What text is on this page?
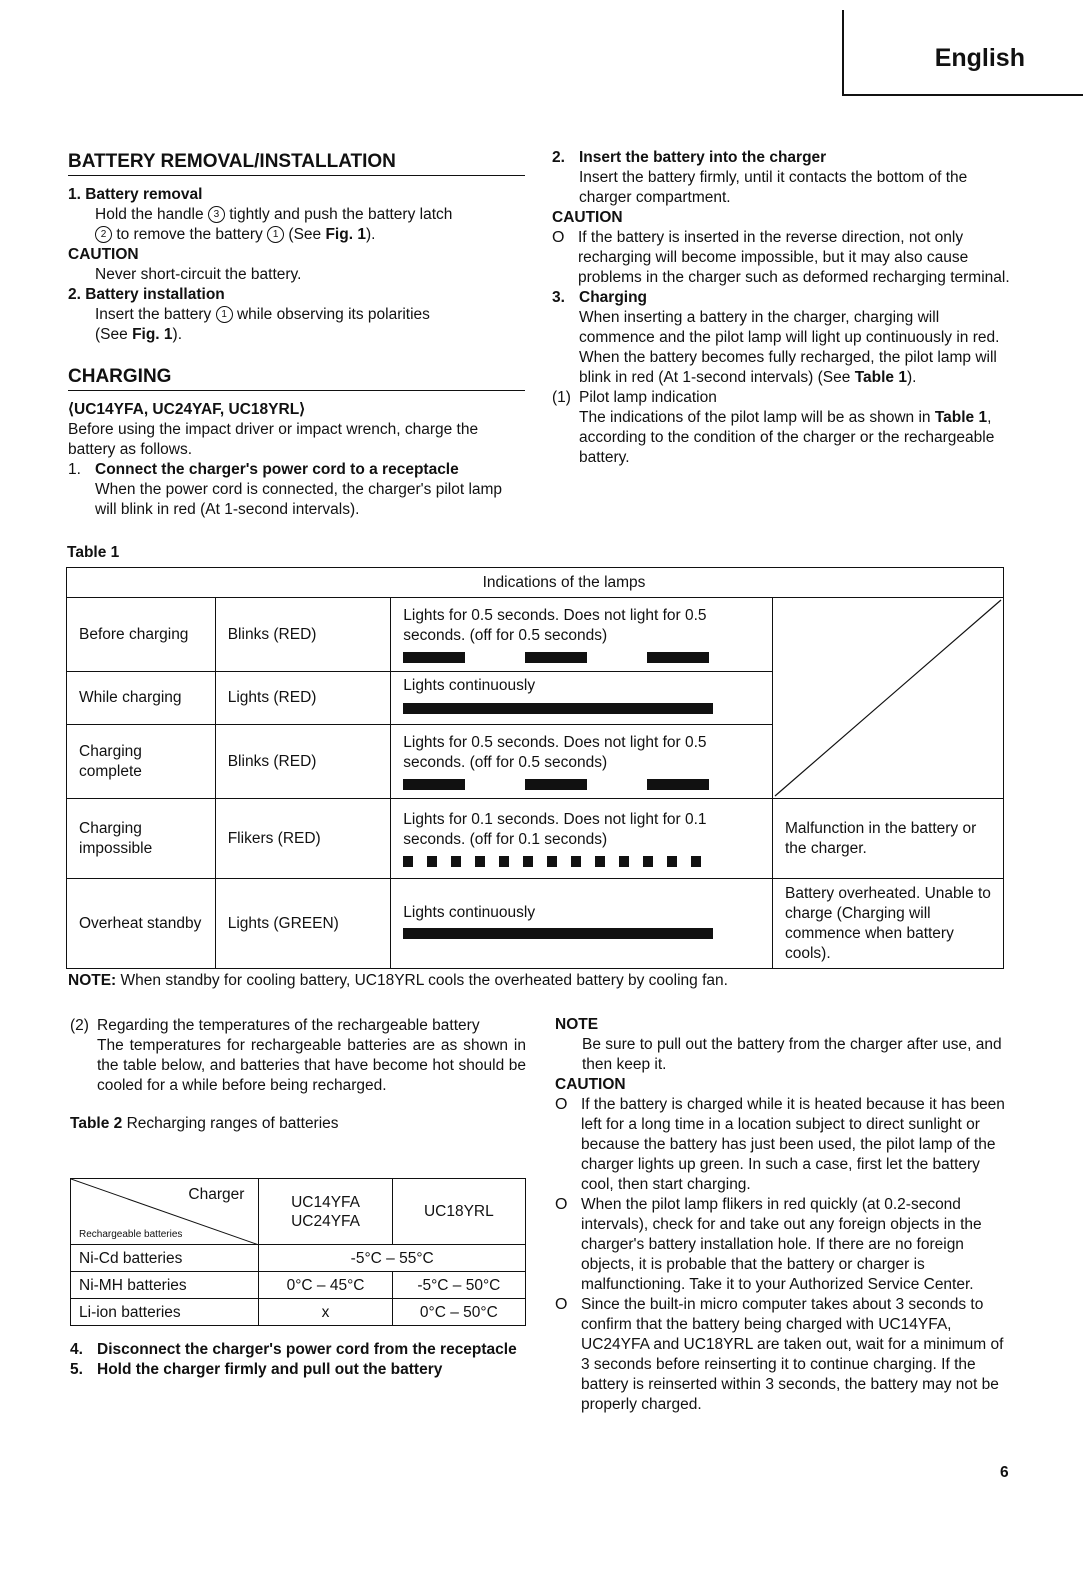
English
BATTERY REMOVAL/INSTALLATION
1. Battery removal
Hold the handle 3 tightly and push the battery latch
2 to remove the battery 1 (See Fig. 1).
CAUTION
Never short-circuit the battery.
2. Battery installation
Insert the battery 1 while observing its polarities
(See Fig. 1).
CHARGING
⟨UC14YFA, UC24YAF, UC18YRL⟩
Before using the impact driver or impact wrench, charge the battery as follows.
1. Connect the charger's power cord to a receptacle
When the power cord is connected, the charger's pilot lamp will blink in red (At 1-second intervals).
2. Insert the battery into the charger
Insert the battery firmly, until it contacts the bottom of the charger compartment.
CAUTION
O If the battery is inserted in the reverse direction, not only recharging will become impossible, but it may also cause problems in the charger such as deformed recharging terminal.
3. Charging
When inserting a battery in the charger, charging will commence and the pilot lamp will light up continuously in red.
When the battery becomes fully recharged, the pilot lamp will blink in red (At 1-second intervals) (See Table 1).
(1) Pilot lamp indication
The indications of the pilot lamp will be as shown in Table 1, according to the condition of the charger or the rechargeable battery.
Table 1
Indications of the lamps			
Before charging	Blinks (RED)	Lights for 0.5 seconds. Does not light for 0.5 seconds. (off for 0.5 seconds)

While charging	Lights (RED)	Lights continuously	

Charging complete	Blinks (RED)	Lights for 0.5 seconds. Does not light for 0.5 seconds. (off for 0.5 seconds)	

Charging impossible	Flikers (RED)	Lights for 0.1 seconds. Does not light for 0.1 seconds. (off for 0.1 seconds)	Malfunction in the battery or the charger.
Overheat standby	Lights (GREEN)	Lights continuously	Battery overheated. Unable to charge (Charging will commence when battery cools).
NOTE: When standby for cooling battery, UC18YRL cools the overheated battery by cooling fan.
(2) Regarding the temperatures of the rechargeable battery
The temperatures for rechargeable batteries are as shown in the table below, and batteries that have become hot should be cooled for a while before being recharged.
Table 2 Recharging ranges of batteries
Charger
Rechargeable batteries	UC14YFA UC24YFA	UC18YRL
Ni-Cd batteries	-5°C – 55°C	
Ni-MH batteries	0°C – 45°C	-5°C – 50°C
Li-ion batteries	x	0°C – 50°C
4. Disconnect the charger's power cord from the receptacle
5. Hold the charger firmly and pull out the battery
NOTE
Be sure to pull out the battery from the charger after use, and then keep it.
CAUTION
O If the battery is charged while it is heated because it has been left for a long time in a location subject to direct sunlight or because the battery has just been used, the pilot lamp of the charger lights up green. In such a case, first let the battery cool, then start charging.
O When the pilot lamp flikers in red quickly (at 0.2-second intervals), check for and take out any foreign objects in the charger's battery installation hole. If there are no foreign objects, it is probable that the battery or charger is malfunctioning. Take it to your Authorized Service Center.
O Since the built-in micro computer takes about 3 seconds to confirm that the battery being charged with UC14YFA, UC24YFA and UC18YRL are taken out, wait for a minimum of 3 seconds before reinserting it to continue charging. If the battery is reinserted within 3 seconds, the battery may not be properly charged.
6
